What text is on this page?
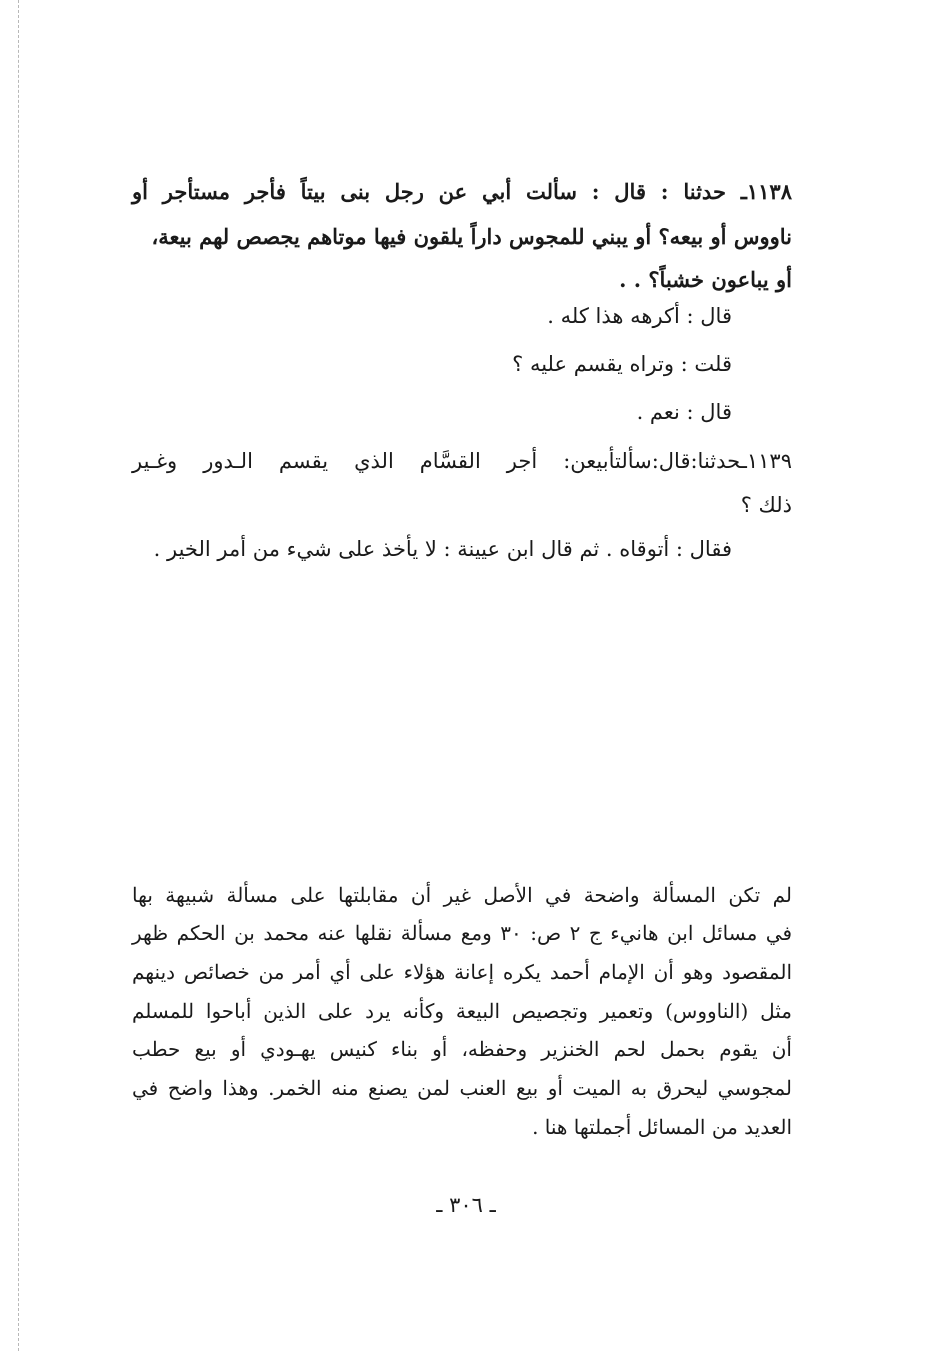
١١٣٨ـ حدثنا : قال : سألت أبي عن رجل بنى بيتاً فأجر مستأجر أو
ناووس أو بيعه؟ أو يبني للمجوس داراً يلقون فيها موتاهم يجصص لهم بيعة،
أو يباعون خشباً؟ . .
قال : أكرهه هذا كله .
قلت : وتراه يقسم عليه ؟
قال : نعم .
١١٣٩ـحدثنا:قال:سألتأبيعن: أجر القسَّام الذي يقسم الـدور وغـير
ذلك ؟
فقال : أتوقاه . ثم قال ابن عيينة : لا يأخذ على شيء من أمر الخير .
لم تكن المسألة واضحة في الأصل غير أن مقابلتها على مسألة شبيهة بها
في مسائل ابن هانيء ج ٢ ص: ٣٠ ومع مسألة نقلها عنه محمد بن الحكم ظهر
المقصود وهو أن الإمام أحمد يكره إعانة هؤلاء على أي أمر من خصائص دينهم
مثل (الناووس) وتعمير وتجصيص البيعة وكأنه يرد على الذين أباحوا للمسلم
أن يقوم بحمل لحم الخنزير وحفظه، أو بناء كنيس يهـودي أو بيع حطب
لمجوسي ليحرق به الميت أو بيع العنب لمن يصنع منه الخمر. وهذا واضح في
العديد من المسائل أجملتها هنا .
ـ ٣٠٦ ـ
